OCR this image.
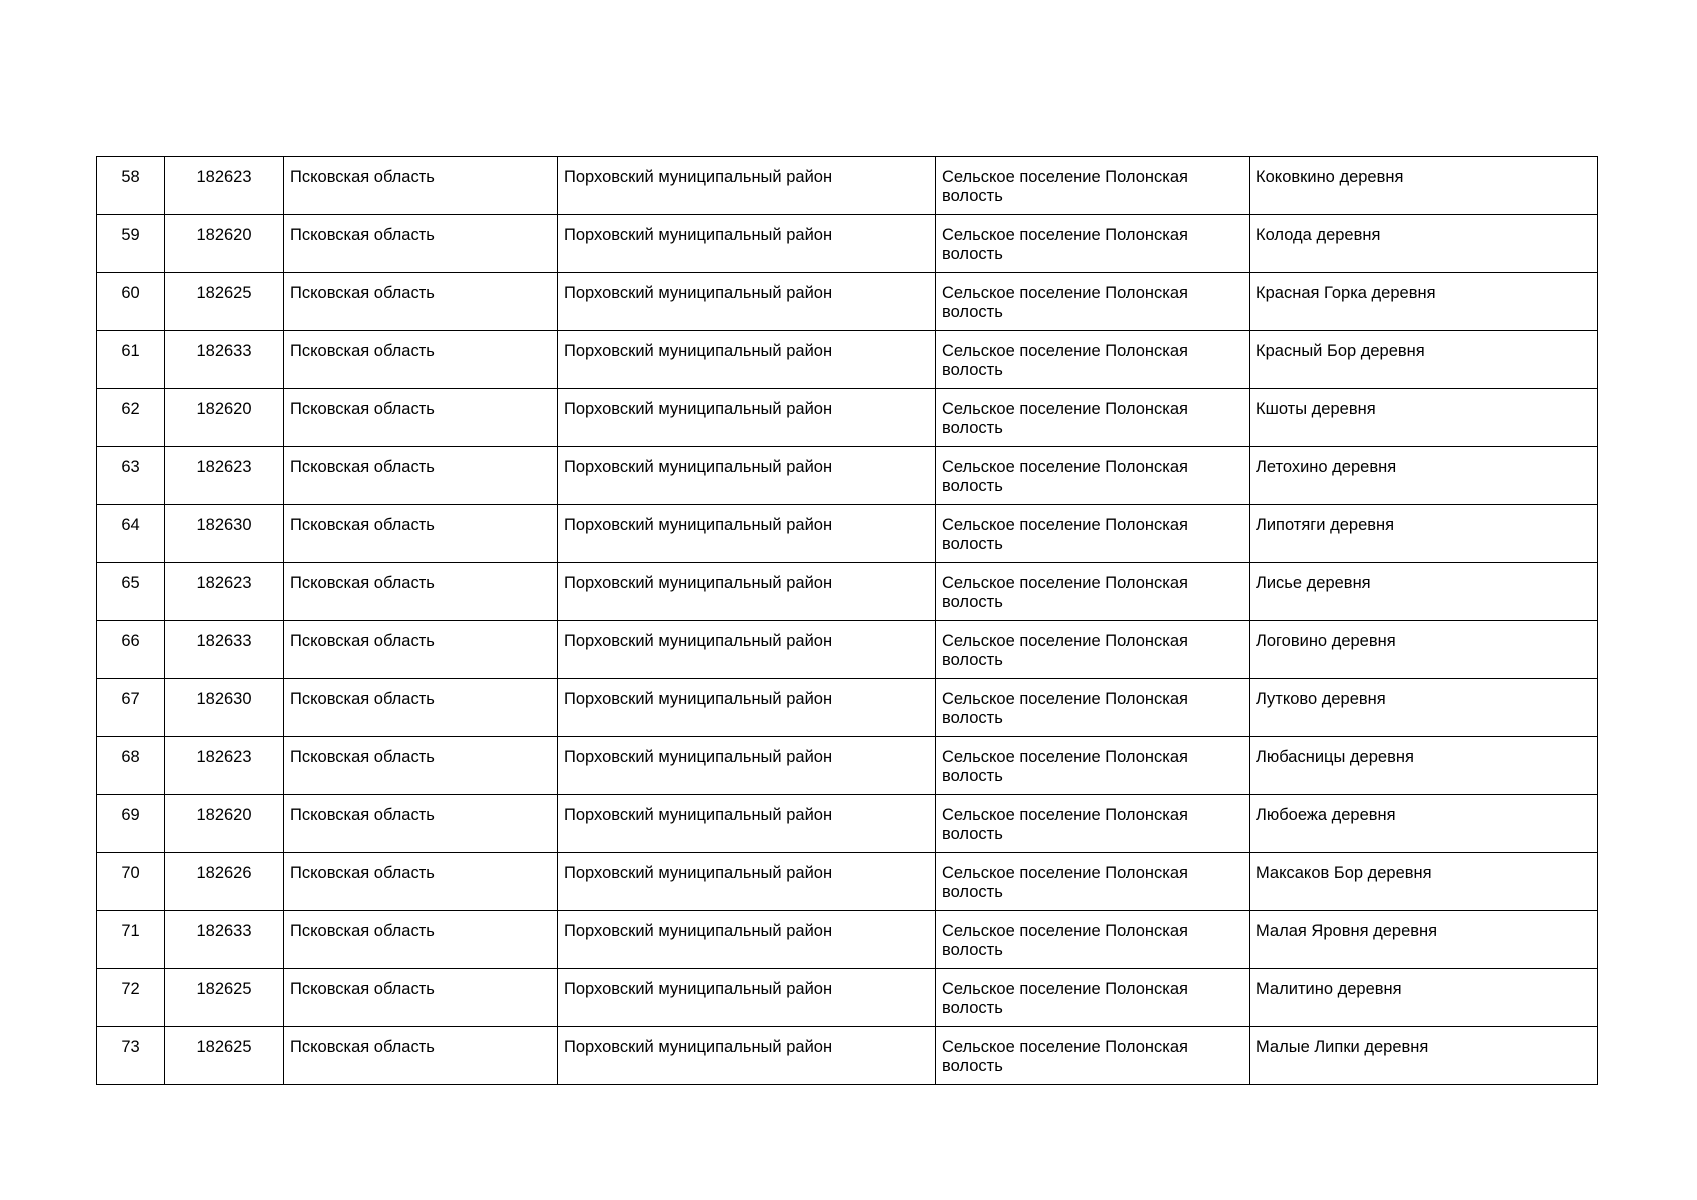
58	182623	Псковская область	Порховский муниципальный район	Сельское поселение Полонская волость	Коковкино деревня
59	182620	Псковская область	Порховский муниципальный район	Сельское поселение Полонская волость	Колода деревня
60	182625	Псковская область	Порховский муниципальный район	Сельское поселение Полонская волость	Красная Горка деревня
61	182633	Псковская область	Порховский муниципальный район	Сельское поселение Полонская волость	Красный Бор деревня
62	182620	Псковская область	Порховский муниципальный район	Сельское поселение Полонская волость	Кшоты деревня
63	182623	Псковская область	Порховский муниципальный район	Сельское поселение Полонская волость	Летохино деревня
64	182630	Псковская область	Порховский муниципальный район	Сельское поселение Полонская волость	Липотяги деревня
65	182623	Псковская область	Порховский муниципальный район	Сельское поселение Полонская волость	Лисье деревня
66	182633	Псковская область	Порховский муниципальный район	Сельское поселение Полонская волость	Логовино деревня
67	182630	Псковская область	Порховский муниципальный район	Сельское поселение Полонская волость	Лутково деревня
68	182623	Псковская область	Порховский муниципальный район	Сельское поселение Полонская волость	Любасницы деревня
69	182620	Псковская область	Порховский муниципальный район	Сельское поселение Полонская волость	Любоежа деревня
70	182626	Псковская область	Порховский муниципальный район	Сельское поселение Полонская волость	Максаков Бор деревня
71	182633	Псковская область	Порховский муниципальный район	Сельское поселение Полонская волость	Малая Яровня деревня
72	182625	Псковская область	Порховский муниципальный район	Сельское поселение Полонская волость	Малитино деревня
73	182625	Псковская область	Порховский муниципальный район	Сельское поселение Полонская волость	Малые Липки деревня
